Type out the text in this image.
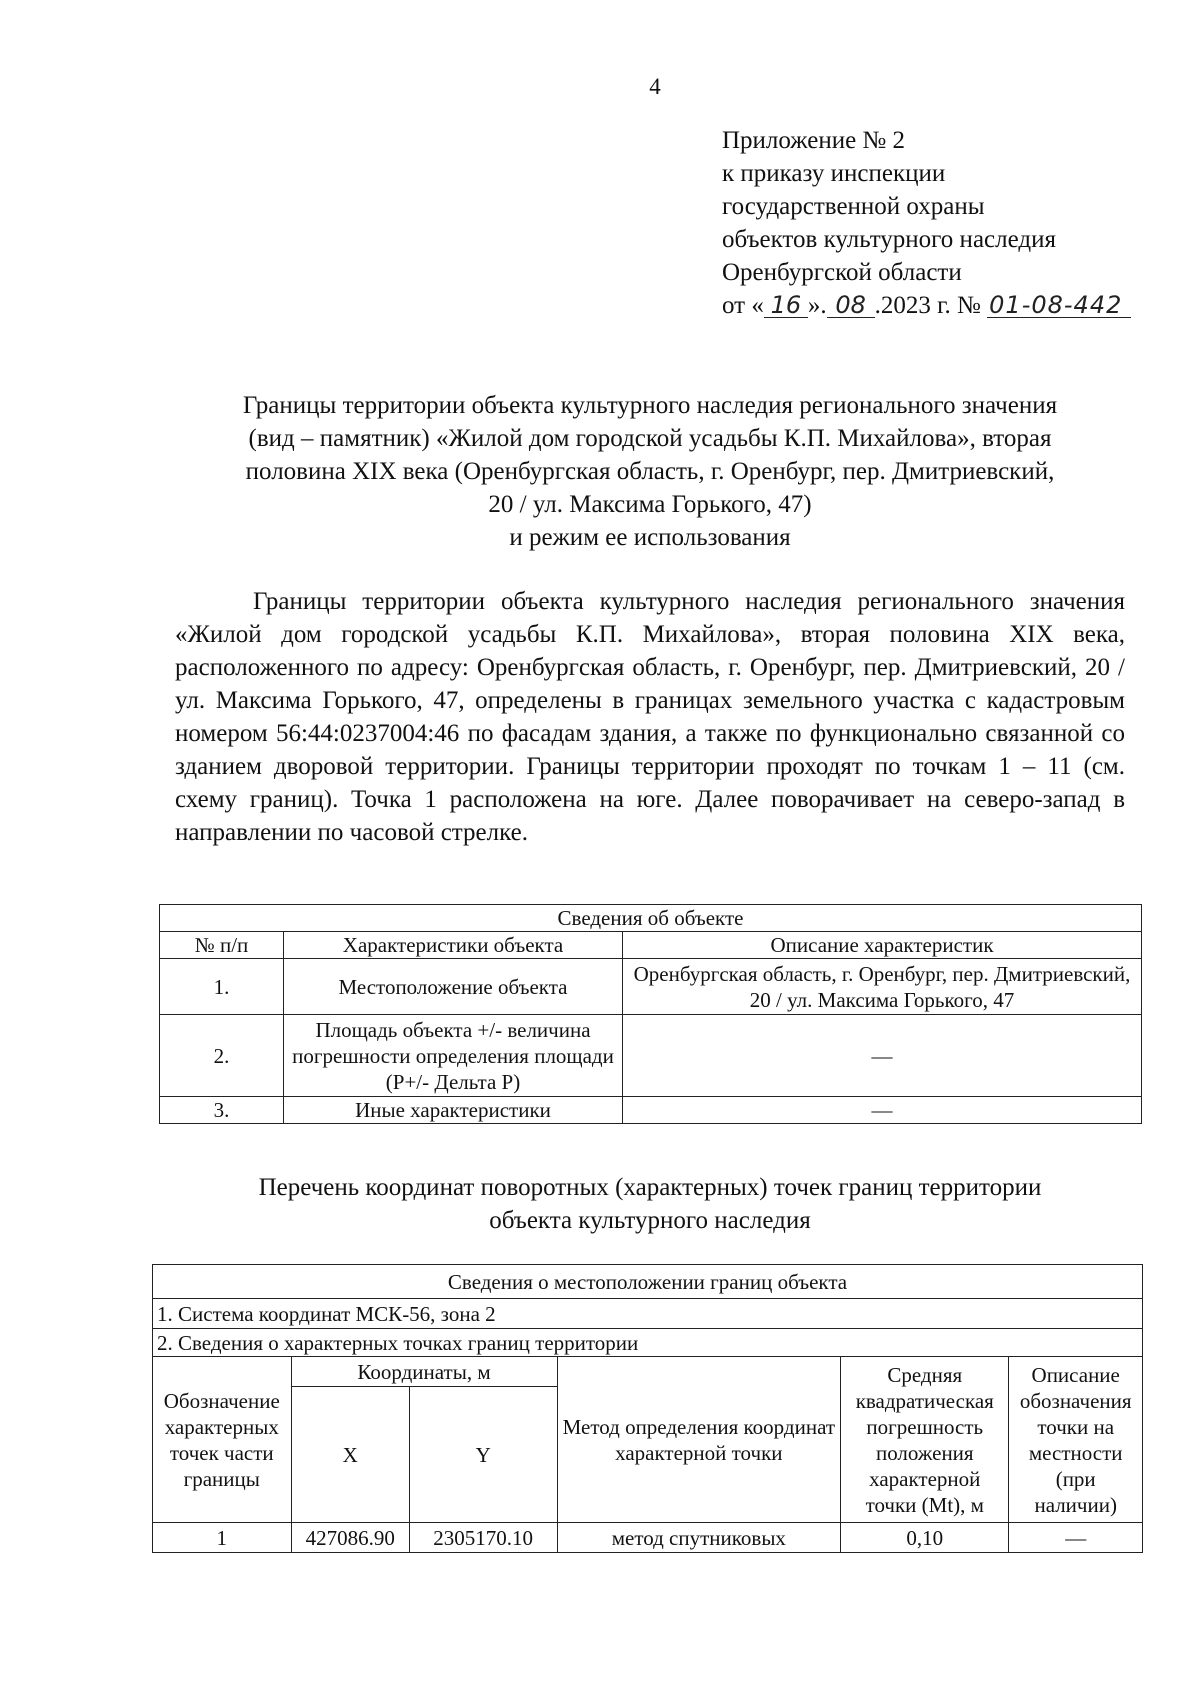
4
Приложение № 2
к приказу инспекции
государственной охраны
объектов культурного наследия
Оренбургской области
от « 16 ». 08 .2023 г. № 01-08-442
Границы территории объекта культурного наследия регионального значения
(вид – памятник) «Жилой дом городской усадьбы К.П. Михайлова», вторая
половина XIX века (Оренбургская область, г. Оренбург, пер. Дмитриевский,
20 / ул. Максима Горького, 47)
и режим ее использования

Границы территории объекта культурного наследия регионального значения «Жилой дом городской усадьбы К.П. Михайлова», вторая половина XIX века, расположенного по адресу: Оренбургская область, г. Оренбург, пер. Дмитриевский, 20 / ул. Максима Горького, 47, определены в границах земельного участка с кадастровым номером 56:44:0237004:46 по фасадам здания, а также по функционально связанной со зданием дворовой территории. Границы территории проходят по точкам 1 – 11 (см. схему границ). Точка 1 расположена на юге. Далее поворачивает на северо-запад в направлении по часовой стрелке.

Сведения об объекте		
№ п/п	Характеристики объекта	Описание характеристик
1.	Местоположение объекта	Оренбургская область, г. Оренбург, пер. Дмитриевский, 20 / ул. Максима Горького, 47
2.	Площадь объекта +/- величина погрешности определения площади (Р+/- Дельта Р)	—
3.	Иные характеристики	—
Перечень координат поворотных (характерных) точек границ территории
объекта культурного наследия
Сведения о местоположении границ объекта					
1. Система координат МСК-56, зона 2					
2. Сведения о характерных точках границ территории					
Обозначение характерных точек части границы	Координаты, м		Метод определения координат характерной точки	Средняя квадратическая погрешность положения характерной точки (Mt), м	Описание обозначения точки на местности (при наличии)
	X	Y			
1	427086.90	2305170.10	метод спутниковых	0,10	—
